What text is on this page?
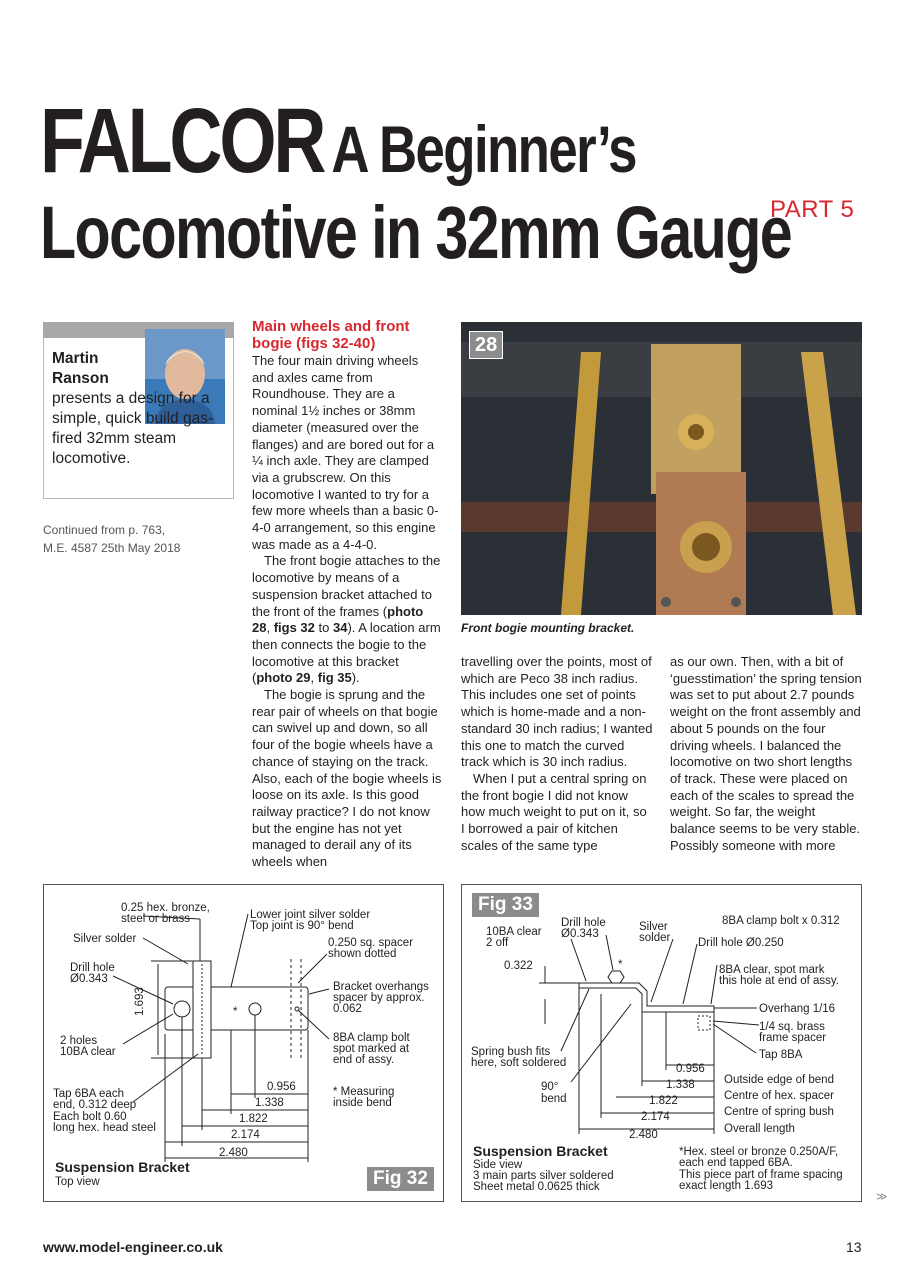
FALCOR A Beginner’s
Locomotive in 32mm Gauge
PART 5
Martin
Ranson
presents a design for a simple, quick build gas-fired 32mm steam locomotive.
Continued from p. 763,
M.E. 4587 25th May 2018
Main wheels and front bogie (figs 32-40)

The four main driving wheels and axles came from Roundhouse. They are a nominal 1½ inches or 38mm diameter (measured over the flanges) and are bored out for a ¼ inch axle. They are clamped via a grubscrew. On this locomotive I wanted to try for a few more wheels than a basic 0-4-0 arrangement, so this engine was made as a 4-4-0.

The front bogie attaches to the locomotive by means of a suspension bracket attached to the front of the frames (photo 28, figs 32 to 34). A location arm then connects the bogie to the locomotive at this bracket (photo 29, fig 35).

The bogie is sprung and the rear pair of wheels on that bogie can swivel up and down, so all four of the bogie wheels have a chance of staying on the track. Also, each of the bogie wheels is loose on its axle. Is this good railway practice? I do not know but the engine has not yet managed to derail any of its wheels when

28
Front bogie mounting bracket.

travelling over the points, most of which are Peco 38 inch radius. This includes one set of points which is home-made and a non-standard 30 inch radius; I wanted this one to match the curved track which is 30 inch radius.

When I put a central spring on the front bogie I did not know how much weight to put on it, so I borrowed a pair of kitchen scales of the same type

as our own. Then, with a bit of ‘guesstimation’ the spring tension was set to put about 2.7 pounds weight on the front assembly and about 5 pounds on the four driving wheels. I balanced the locomotive on two short lengths of track. These were placed on each of the scales to spread the weight. So far, the weight balance seems to be very stable. Possibly someone with more

0.25 hex. bronze,
steel or brass	Lower joint silver solder
Top joint is 90° bend
Silver solder	0.250 sq. spacer
shown dotted
Drill hole
Ø0.343
Bracket overhangs
spacer by approx.
0.062
1.693	*
2 holes
10BA clear
8BA clamp bolt
spot marked at
end of assy.
Tap 6BA each
end, 0.312 deep
Each bolt 0.60
long hex. head steel
* Measuring
inside bend
0.956
1.338
1.822
2.174
2.480
Suspension Bracket
Top view	Fig 32
10BA clear
2 off
Drill hole
Ø0.343
Silver
solder
8BA clamp bolt x 0.312
Drill hole Ø0.250
0.322	8BA clear, spot mark
this hole at end of assy.
*
Overhang 1/16
1/4 sq. brass
frame spacer
Tap 8BA
Spring bush fits
here, soft soldered
90°
bend
0.956
1.338
1.822
2.174
2.480
Outside edge of bend
Centre of hex. spacer
Centre of spring bush
Overall length
*Hex. steel or bronze 0.250A/F,
each end tapped 6BA.
This piece part of frame spacing
exact length 1.693
Side view
3 main parts silver soldered
Sheet metal 0.0625 thick
Suspension Bracket
Fig 33
www.model-engineer.co.uk	13
≫
